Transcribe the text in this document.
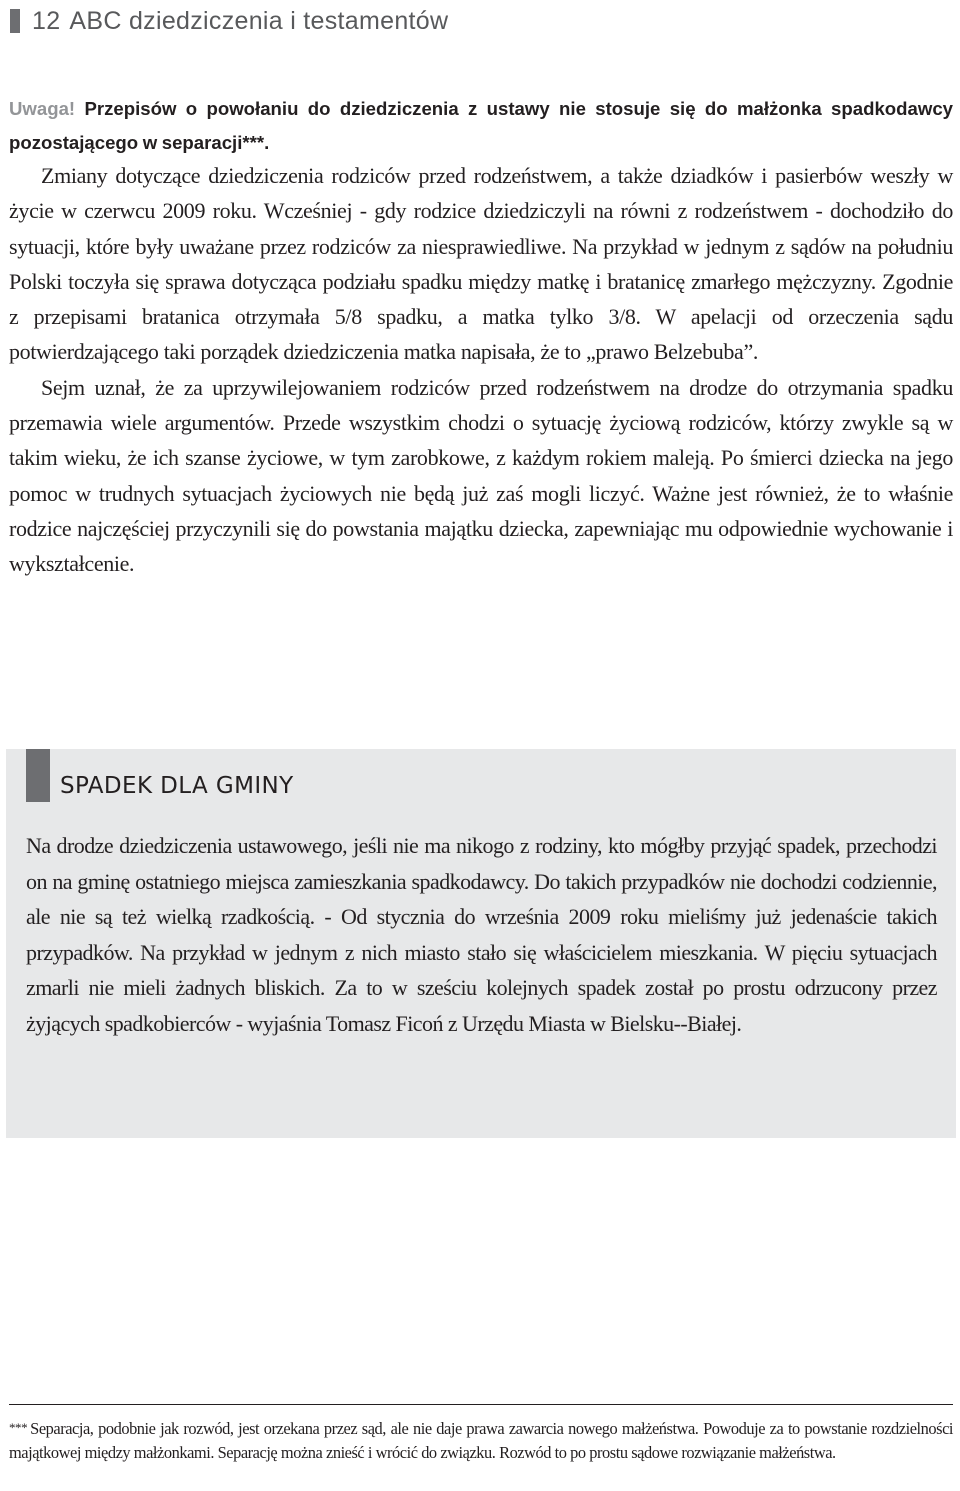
12 ABC dziedziczenia i testamentów
Uwaga! Przepisów o powołaniu do dziedziczenia z ustawy nie stosuje się do małżonka spadkodawcy pozostającego w separacji***.

Zmiany dotyczące dziedziczenia rodziców przed rodzeństwem, a także dziadków i pasierbów weszły w życie w czerwcu 2009 roku. Wcześniej - gdy rodzice dziedziczyli na równi z rodzeństwem - dochodziło do sytuacji, które były uważane przez rodziców za niesprawiedliwe. Na przykład w jednym z sądów na południu Polski toczyła się sprawa dotycząca podziału spadku między matkę i bratanicę zmarłego mężczyzny. Zgodnie z przepisami bratanica otrzymała 5/8 spadku, a matka tylko 3/8. W apelacji od orzeczenia sądu potwierdzającego taki porządek dziedziczenia matka napisała, że to „prawo Belzebuba”.

Sejm uznał, że za uprzywilejowaniem rodziców przed rodzeństwem na drodze do otrzymania spadku przemawia wiele argumentów. Przede wszystkim chodzi o sytuację życiową rodziców, którzy zwykle są w takim wieku, że ich szanse życiowe, w tym zarobkowe, z każdym rokiem maleją. Po śmierci dziecka na jego pomoc w trudnych sytuacjach życiowych nie będą już zaś mogli liczyć. Ważne jest również, że to właśnie rodzice najczęściej przyczynili się do powstania majątku dziecka, zapewniając mu odpowiednie wychowanie i wykształcenie.

SPADEK DLA GMINY

Na drodze dziedziczenia ustawowego, jeśli nie ma nikogo z rodziny, kto mógłby przyjąć spadek, przechodzi on na gminę ostatniego miejsca zamieszkania spadkodawcy. Do takich przypadków nie dochodzi codziennie, ale nie są też wielką rzadkością. - Od stycznia do września 2009 roku mieliśmy już jedenaście takich przypadków. Na przykład w jednym z nich miasto stało się właścicielem mieszkania. W pięciu sytuacjach zmarli nie mieli żadnych bliskich. Za to w sześciu kolejnych spadek został po prostu odrzucony przez żyjących spadkobierców - wyjaśnia Tomasz Ficoń z Urzędu Miasta w Bielsku-​-Białej.

*** Separacja, podobnie jak rozwód, jest orzekana przez sąd, ale nie daje prawa zawarcia nowego małżeństwa. Powoduje za to powstanie rozdzielności majątkowej między małżonkami. Separację można znieść i wrócić do związku. Rozwód to po prostu sądowe rozwiązanie małżeństwa.
